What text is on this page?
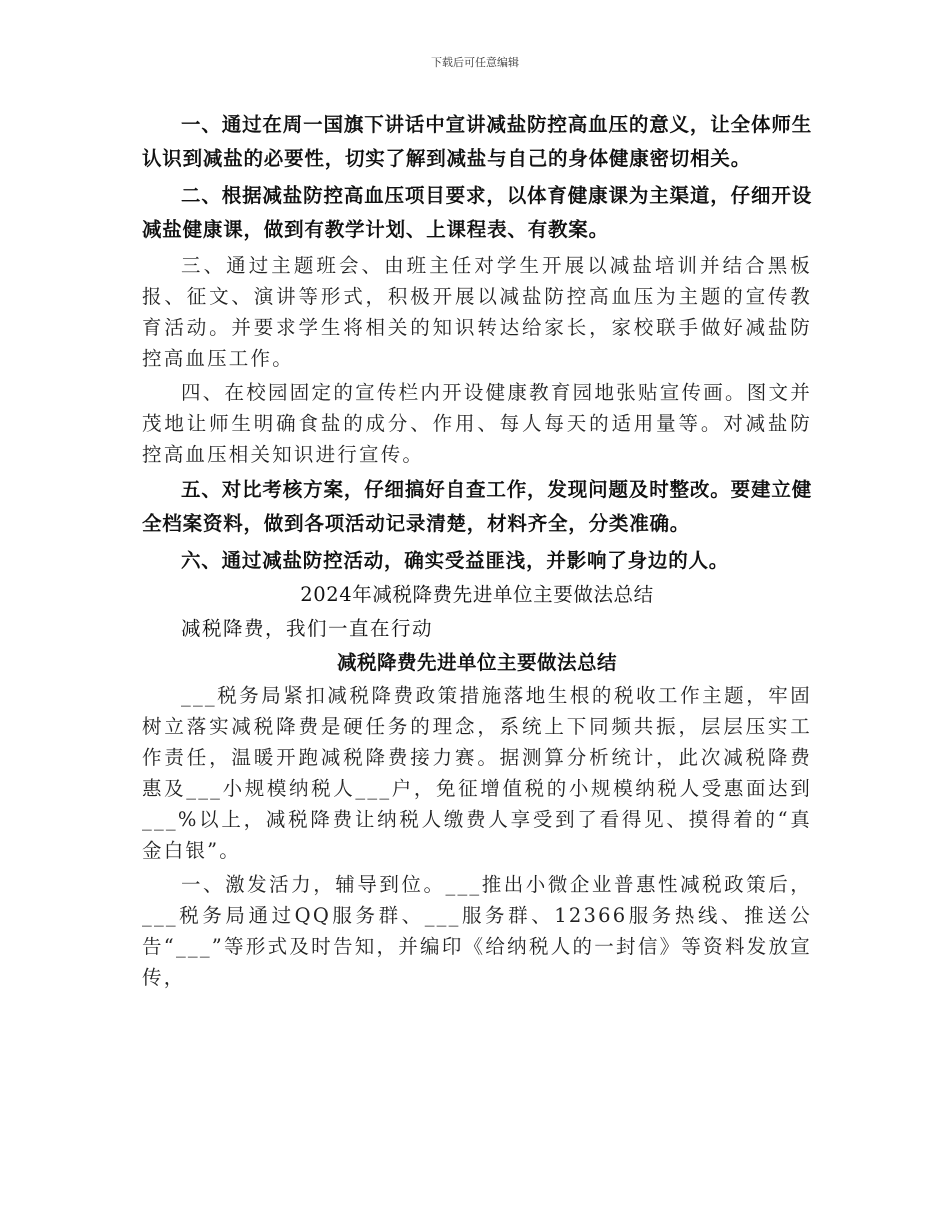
下载后可任意编辑

一、通过在周一国旗下讲话中宣讲减盐防控高血压的意义，让全体师生认识到减盐的必要性，切实了解到减盐与自己的身体健康密切相关。

二、根据减盐防控高血压项目要求，以体育健康课为主渠道，仔细开设减盐健康课，做到有教学计划、上课程表、有教案。

三、通过主题班会、由班主任对学生开展以减盐培训并结合黑板报、征文、演讲等形式，积极开展以减盐防控高血压为主题的宣传教育活动。并要求学生将相关的知识转达给家长，家校联手做好减盐防控高血压工作。

四、在校园固定的宣传栏内开设健康教育园地张贴宣传画。图文并茂地让师生明确食盐的成分、作用、每人每天的适用量等。对减盐防控高血压相关知识进行宣传。

五、对比考核方案，仔细搞好自查工作，发现问题及时整改。要建立健全档案资料，做到各项活动记录清楚，材料齐全，分类准确。

六、通过减盐防控活动，确实受益匪浅，并影响了身边的人。

2024年减税降费先进单位主要做法总结
减税降费，我们一直在行动
减税降费先进单位主要做法总结

___税务局紧扣减税降费政策措施落地生根的税收工作主题，牢固树立落实减税降费是硬任务的理念，系统上下同频共振，层层压实工作责任，温暖开跑减税降费接力赛。据测算分析统计，此次减税降费惠及___小规模纳税人___户，免征增值税的小规模纳税人受惠面达到___%以上，减税降费让纳税人缴费人享受到了看得见、摸得着的“真金白银”。

一、激发活力，辅导到位。___推出小微企业普惠性减税政策后，___税务局通过QQ服务群、___服务群、12366服务热线、推送公告“___”等形式及时告知，并编印《给纳税人的一封信》等资料发放宣传，
